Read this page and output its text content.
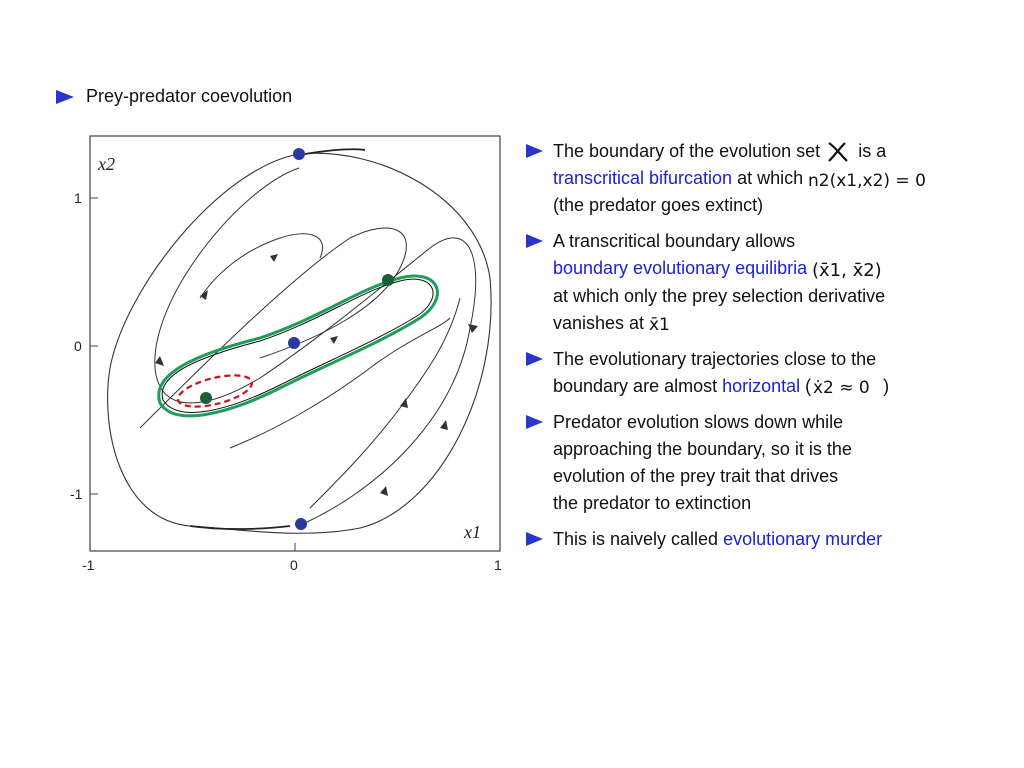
Prey-predator coevolution
x2
x1
1
0
-1
-1	0	1
The boundary of the evolution set is a
transcritical bifurcation at which n2(x1,x2) = 0

(the predator goes extinct)
A transcritical boundary allows
boundary evolutionary equilibria (x̄1, x̄2)

at which only the prey selection derivative
vanishes at x̄1
The evolutionary trajectories close to the
boundary are almost horizontal ( ẋ2 ≈ 0 )
Predator evolution slows down while
approaching the boundary, so it is the
evolution of the prey trait that drives
the predator to extinction
This is naively called evolutionary murder
